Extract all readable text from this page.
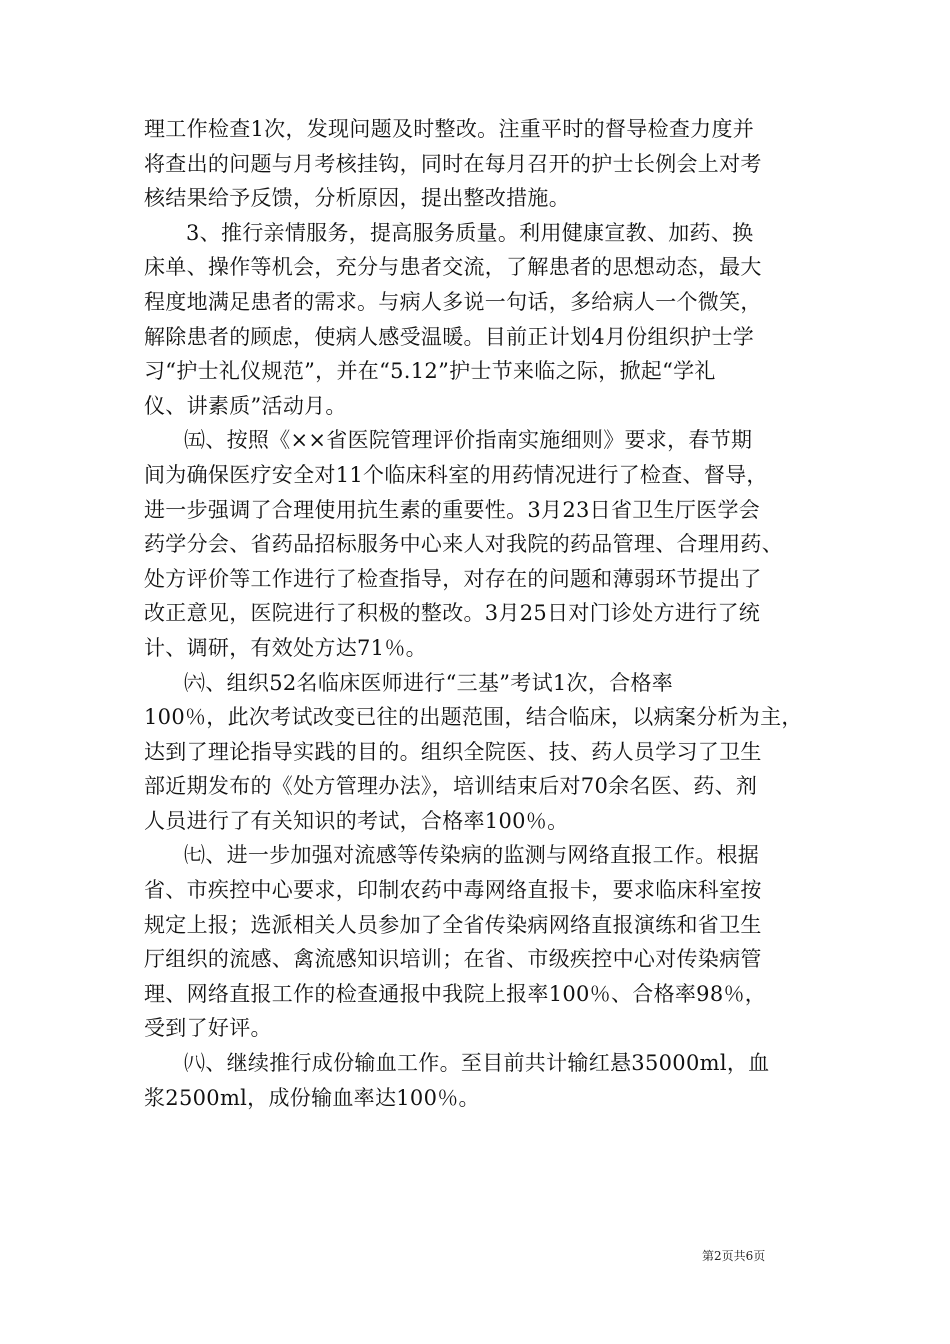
理工作检查1次，发现问题及时整改。注重平时的督导检查力度并
将查出的问题与月考核挂钩，同时在每月召开的护士长例会上对考
核结果给予反馈，分析原因，提出整改措施。
3、推行亲情服务，提高服务质量。利用健康宣教、加药、换
床单、操作等机会，充分与患者交流，了解患者的思想动态，最大
程度地满足患者的需求。与病人多说一句话，多给病人一个微笑，
解除患者的顾虑，使病人感受温暖。目前正计划4月份组织护士学
习“护士礼仪规范”，并在“5.12”护士节来临之际，掀起“学礼
仪、讲素质”活动月。
㈤、按照《××省医院管理评价指南实施细则》要求，春节期
间为确保医疗安全对11个临床科室的用药情况进行了检查、督导，
进一步强调了合理使用抗生素的重要性。3月23日省卫生厅医学会
药学分会、省药品招标服务中心来人对我院的药品管理、合理用药、
处方评价等工作进行了检查指导，对存在的问题和薄弱环节提出了
改正意见，医院进行了积极的整改。3月25日对门诊处方进行了统
计、调研，有效处方达71％。
㈥、组织52名临床医师进行“三基”考试1次，合格率
100％，此次考试改变已往的出题范围，结合临床，以病案分析为主，
达到了理论指导实践的目的。组织全院医、技、药人员学习了卫生
部近期发布的《处方管理办法》，培训结束后对70余名医、药、剂
人员进行了有关知识的考试，合格率100％。
㈦、进一步加强对流感等传染病的监测与网络直报工作。根据
省、市疾控中心要求，印制农药中毒网络直报卡，要求临床科室按
规定上报；选派相关人员参加了全省传染病网络直报演练和省卫生
厅组织的流感、禽流感知识培训；在省、市级疾控中心对传染病管
理、网络直报工作的检查通报中我院上报率100％、合格率98％，
受到了好评。
㈧、继续推行成份输血工作。至目前共计输红悬35000ml，血
浆2500ml，成份输血率达100％。
第2页共6页
